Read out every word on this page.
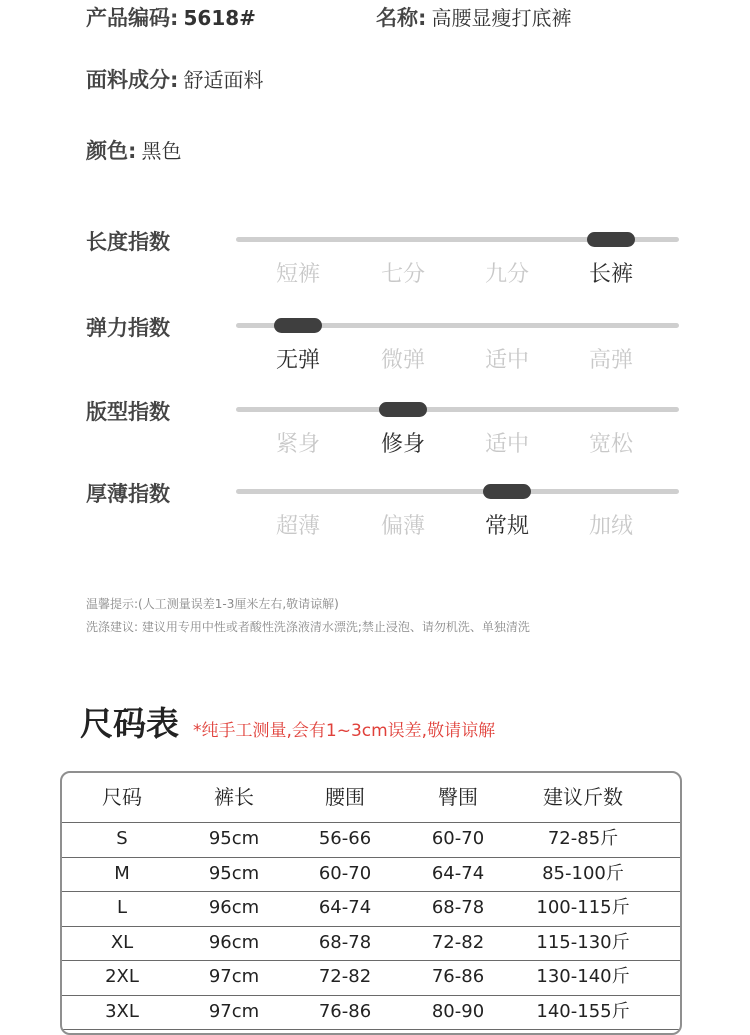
产品编码: 5618#	名称: 高腰显瘦打底裤
面料成分: 舒适面料
颜色: 黑色
长度指数
短裤	七分	九分	长裤
弹力指数
无弹	微弹	适中	高弹
版型指数
紧身	修身	适中	宽松
厚薄指数
超薄	偏薄	常规	加绒
温馨提示:(人工测量误差1-3厘米左右,敬请谅解)
洗涤建议: 建议用专用中性或者酸性洗涤液清水漂洗;禁止浸泡、请勿机洗、单独清洗
尺码表 *纯手工测量,会有1~3cm误差,敬请谅解
尺码	裤长	腰围	臀围	建议斤数
S	95cm	56-66	60-70	72-85斤
M	95cm	60-70	64-74	85-100斤
L	96cm	64-74	68-78	100-115斤
XL	96cm	68-78	72-82	115-130斤
2XL	97cm	72-82	76-86	130-140斤
3XL	97cm	76-86	80-90	140-155斤
